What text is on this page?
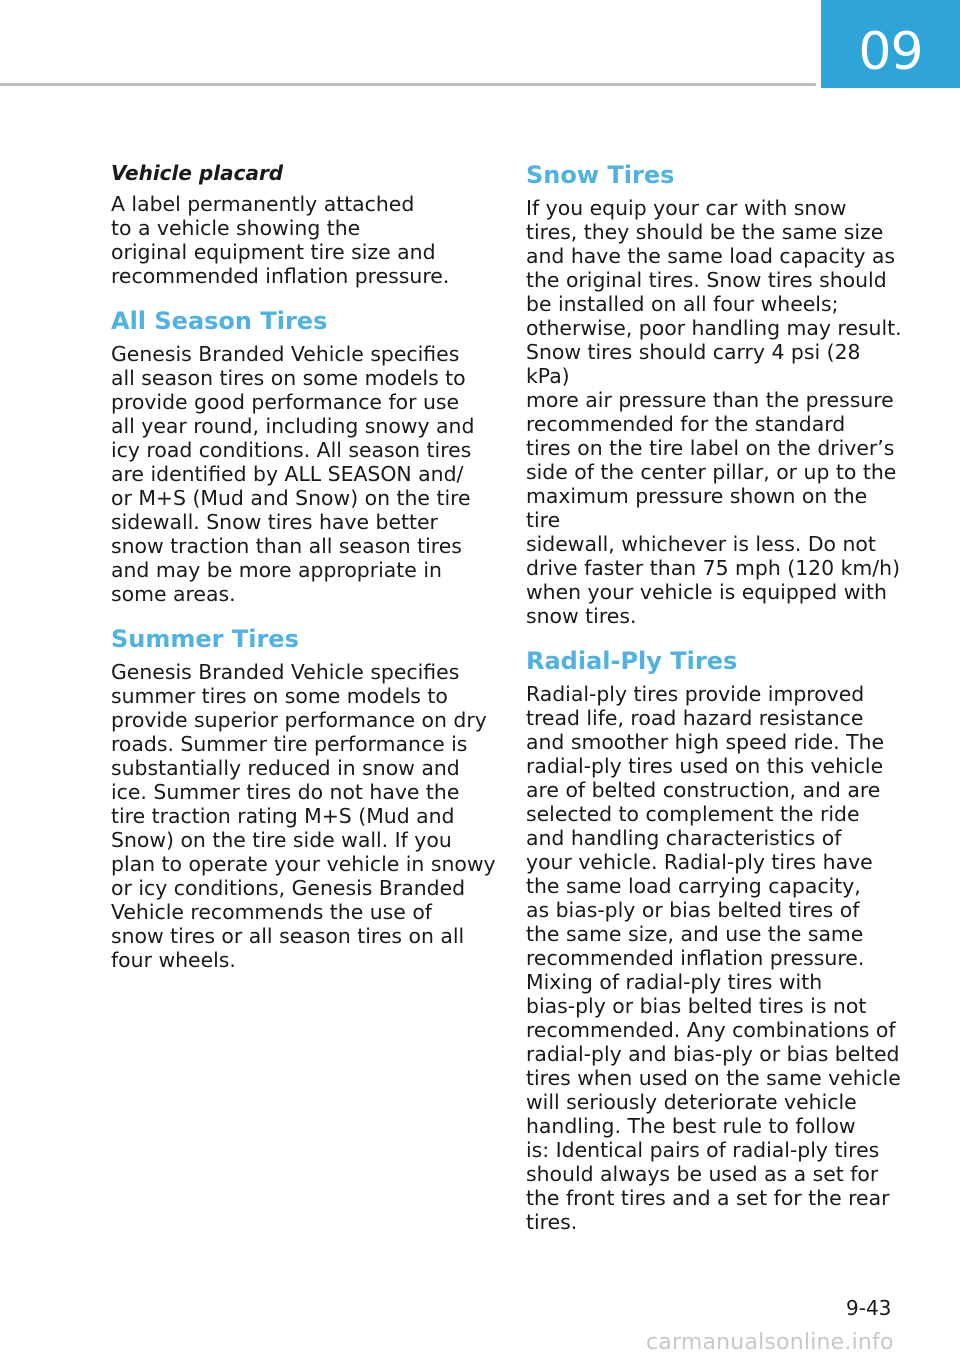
09
Vehicle placard

A label permanently attached
to a vehicle showing the
original equipment tire size and
recommended inflation pressure.

All Season Tires

Genesis Branded Vehicle specifies
all season tires on some models to
provide good performance for use
all year round, including snowy and
icy road conditions. All season tires
are identified by ALL SEASON and/
or M+S (Mud and Snow) on the tire
sidewall. Snow tires have better
snow traction than all season tires
and may be more appropriate in
some areas.

Summer Tires

Genesis Branded Vehicle specifies
summer tires on some models to
provide superior performance on dry
roads. Summer tire performance is
substantially reduced in snow and
ice. Summer tires do not have the
tire traction rating M+S (Mud and
Snow) on the tire side wall. If you
plan to operate your vehicle in snowy
or icy conditions, Genesis Branded
Vehicle recommends the use of
snow tires or all season tires on all
four wheels.

Snow Tires

If you equip your car with snow
tires, they should be the same size
and have the same load capacity as
the original tires. Snow tires should
be installed on all four wheels;
otherwise, poor handling may result.
Snow tires should carry 4 psi (28 kPa)
more air pressure than the pressure
recommended for the standard
tires on the tire label on the driver’s
side of the center pillar, or up to the
maximum pressure shown on the tire
sidewall, whichever is less. Do not
drive faster than 75 mph (120 km/h)
when your vehicle is equipped with
snow tires.

Radial-Ply Tires

Radial-ply tires provide improved
tread life, road hazard resistance
and smoother high speed ride. The
radial-ply tires used on this vehicle
are of belted construction, and are
selected to complement the ride
and handling characteristics of
your vehicle. Radial-ply tires have
the same load carrying capacity,
as bias-ply or bias belted tires of
the same size, and use the same
recommended inflation pressure.
Mixing of radial-ply tires with
bias-ply or bias belted tires is not
recommended. Any combinations of
radial-ply and bias-ply or bias belted
tires when used on the same vehicle
will seriously deteriorate vehicle
handling. The best rule to follow
is: Identical pairs of radial-ply tires
should always be used as a set for
the front tires and a set for the rear
tires.

9-43
carmanualsonline.info
